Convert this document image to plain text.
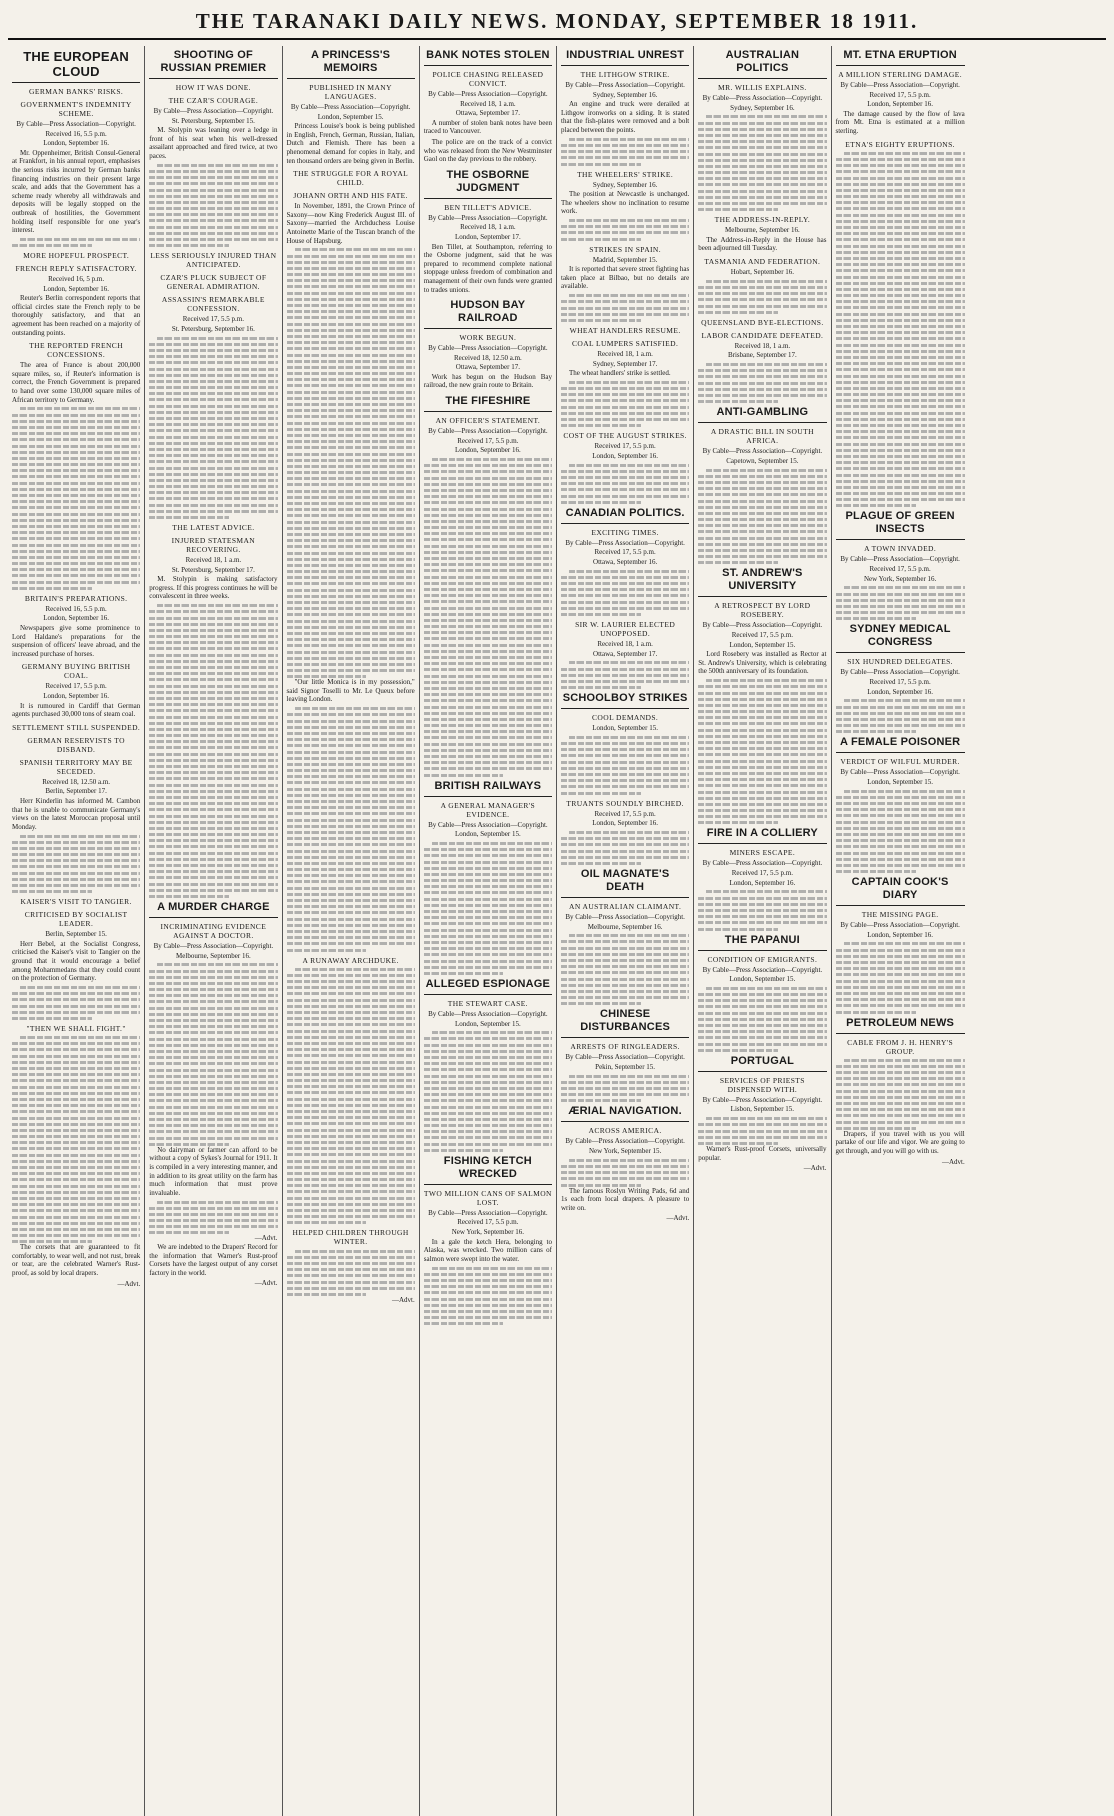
THE TARANAKI DAILY NEWS. MONDAY, SEPTEMBER 18 1911.
THE EUROPEAN CLOUD
GERMAN BANKS' RISKS.
GOVERNMENT'S INDEMNITY SCHEME.
By Cable—Press Association—Copyright.
Received 16, 5.5 p.m.
London, September 16.

Mr. Oppenheimer, British Consul-General at Frankfort, in his annual report, emphasises the serious risks incurred by German banks financing industries on their present large scale, and adds that the Government has a scheme ready whereby all withdrawals and deposits will be legally stopped on the outbreak of hostilities, the Government holding itself responsible for one year's interest.

MORE HOPEFUL PROSPECT.
FRENCH REPLY SATISFACTORY.
Received 16, 5 p.m.
London, September 16.

Reuter's Berlin correspondent reports that official circles state the French reply to be thoroughly satisfactory, and that an agreement has been reached on a majority of outstanding points.

THE REPORTED FRENCH CONCESSIONS.

The area of France is about 200,000 square miles, so, if Reuter's information is correct, the French Government is prepared to hand over some 130,000 square miles of African territory to Germany.

BRITAIN'S PREPARATIONS.
Received 16, 5.5 p.m.
London, September 16.

Newspapers give some prominence to Lord Haldane's preparations for the suspension of officers' leave abroad, and the increased purchase of horses.

GERMANY BUYING BRITISH COAL.
Received 17, 5.5 p.m.
London, September 16.

It is rumoured in Cardiff that German agents purchased 30,000 tons of steam coal.

SETTLEMENT STILL SUSPENDED.
GERMAN RESERVISTS TO DISBAND.
SPANISH TERRITORY MAY BE SECEDED.
Received 18, 12.50 a.m.
Berlin, September 17.

Herr Kinderlin has informed M. Cambon that he is unable to communicate Germany's views on the latest Moroccan proposal until Monday.

KAISER'S VISIT TO TANGIER.
CRITICISED BY SOCIALIST LEADER.
Berlin, September 15.

Herr Bebel, at the Socialist Congress, criticised the Kaiser's visit to Tangier on the ground that it would encourage a belief among Mohammedans that they could count on the protection of Germany.

"THEN WE SHALL FIGHT."

The corsets that are guaranteed to fit comfortably, to wear well, and not rust, break or tear, are the celebrated Warner's Rust-proof, as sold by local drapers.

—Advt.
SHOOTING OF RUSSIAN PREMIER
HOW IT WAS DONE.
THE CZAR'S COURAGE.
By Cable—Press Association—Copyright.
St. Petersburg, September 15.

M. Stolypin was leaning over a ledge in front of his seat when his well-dressed assailant approached and fired twice, at two paces.

LESS SERIOUSLY INJURED THAN ANTICIPATED.
CZAR'S PLUCK SUBJECT OF GENERAL ADMIRATION.
ASSASSIN'S REMARKABLE CONFESSION.
Received 17, 5.5 p.m.
St. Petersburg, September 16.
THE LATEST ADVICE.
INJURED STATESMAN RECOVERING.
Received 18, 1 a.m.
St. Petersburg, September 17.

M. Stolypin is making satisfactory progress. If this progress continues he will be convalescent in three weeks.

A MURDER CHARGE
INCRIMINATING EVIDENCE AGAINST A DOCTOR.
By Cable—Press Association—Copyright.
Melbourne, September 16.

No dairyman or farmer can afford to be without a copy of Sykes's Journal for 1911. It is compiled in a very interesting manner, and in addition to its great utility on the farm has much information that must prove invaluable.

—Advt.

We are indebted to the Drapers' Record for the information that Warner's Rust-proof Corsets have the largest output of any corset factory in the world.

—Advt.
A PRINCESS'S MEMOIRS
PUBLISHED IN MANY LANGUAGES.
By Cable—Press Association—Copyright.
London, September 15.

Princess Louise's book is being published in English, French, German, Russian, Italian, Dutch and Flemish. There has been a phenomenal demand for copies in Italy, and ten thousand orders are being given in Berlin.

THE STRUGGLE FOR A ROYAL CHILD.
JOHANN ORTH AND HIS FATE.

In November, 1891, the Crown Prince of Saxony—now King Frederick August III. of Saxony—married the Archduchess Louise Antoinette Marie of the Tuscan branch of the House of Hapsburg.

"Our little Monica is in my possession," said Signor Toselli to Mr. Le Queux before leaving London.

A RUNAWAY ARCHDUKE.
HELPED CHILDREN THROUGH WINTER.
—Advt.
BANK NOTES STOLEN
POLICE CHASING RELEASED CONVICT.
By Cable—Press Association—Copyright.
Received 18, 1 a.m.
Ottawa, September 17.

A number of stolen bank notes have been traced to Vancouver.

The police are on the track of a convict who was released from the New Westminster Gaol on the day previous to the robbery.

THE OSBORNE JUDGMENT
BEN TILLET'S ADVICE.
By Cable—Press Association—Copyright.
Received 18, 1 a.m.
London, September 17.

Ben Tillet, at Southampton, referring to the Osborne judgment, said that he was prepared to recommend complete national stoppage unless freedom of combination and management of their own funds were granted to trades unions.

HUDSON BAY RAILROAD
WORK BEGUN.
By Cable—Press Association—Copyright.
Received 18, 12.50 a.m.
Ottawa, September 17.

Work has begun on the Hudson Bay railroad, the new grain route to Britain.

THE FIFESHIRE
AN OFFICER'S STATEMENT.
By Cable—Press Association—Copyright.
Received 17, 5.5 p.m.
London, September 16.
BRITISH RAILWAYS
A GENERAL MANAGER'S EVIDENCE.
By Cable—Press Association—Copyright.
London, September 15.
ALLEGED ESPIONAGE
THE STEWART CASE.
By Cable—Press Association—Copyright.
London, September 15.
FISHING KETCH WRECKED
TWO MILLION CANS OF SALMON LOST.
By Cable—Press Association—Copyright.
Received 17, 5.5 p.m.
New York, September 16.

In a gale the ketch Hera, belonging to Alaska, was wrecked. Two million cans of salmon were swept into the water.

INDUSTRIAL UNREST
THE LITHGOW STRIKE.
By Cable—Press Association—Copyright.
Sydney, September 16.

An engine and truck were derailed at Lithgow ironworks on a siding. It is stated that the fish-plates were removed and a bolt placed between the points.

THE WHEELERS' STRIKE.
Sydney, September 16.

The position at Newcastle is unchanged. The wheelers show no inclination to resume work.

STRIKES IN SPAIN.
Madrid, September 15.

It is reported that severe street fighting has taken place at Bilbao, but no details are available.

WHEAT HANDLERS RESUME.
COAL LUMPERS SATISFIED.
Received 18, 1 a.m.
Sydney, September 17.

The wheat handlers' strike is settled.

COST OF THE AUGUST STRIKES.
Received 17, 5.5 p.m.
London, September 16.
CANADIAN POLITICS.
EXCITING TIMES.
By Cable—Press Association—Copyright.
Received 17, 5.5 p.m.
Ottawa, September 16.
SIR W. LAURIER ELECTED UNOPPOSED.
Received 18, 1 a.m.
Ottawa, September 17.
SCHOOLBOY STRIKES
COOL DEMANDS.
London, September 15.
TRUANTS SOUNDLY BIRCHED.
Received 17, 5.5 p.m.
London, September 16.
OIL MAGNATE'S DEATH
AN AUSTRALIAN CLAIMANT.
By Cable—Press Association—Copyright.
Melbourne, September 16.
CHINESE DISTURBANCES
ARRESTS OF RINGLEADERS.
By Cable—Press Association—Copyright.
Pekin, September 15.
ÆRIAL NAVIGATION.
ACROSS AMERICA.
By Cable—Press Association—Copyright.
New York, September 15.

The famous Roslyn Writing Pads, 6d and 1s each from local drapers. A pleasure to write on.

—Advt.
AUSTRALIAN POLITICS
MR. WILLIS EXPLAINS.
By Cable—Press Association—Copyright.
Sydney, September 16.
THE ADDRESS-IN-REPLY.
Melbourne, September 16.

The Address-in-Reply in the House has been adjourned till Tuesday.

TASMANIA AND FEDERATION.
Hobart, September 16.
QUEENSLAND BYE-ELECTIONS.
LABOR CANDIDATE DEFEATED.
Received 18, 1 a.m.
Brisbane, September 17.
ANTI-GAMBLING
A DRASTIC BILL IN SOUTH AFRICA.
By Cable—Press Association—Copyright.
Capetown, September 15.
ST. ANDREW'S UNIVERSITY
A RETROSPECT BY LORD ROSEBERY.
By Cable—Press Association—Copyright.
Received 17, 5.5 p.m.
London, September 15.

Lord Rosebery was installed as Rector at St. Andrew's University, which is celebrating the 500th anniversary of its foundation.

FIRE IN A COLLIERY
MINERS ESCAPE.
By Cable—Press Association—Copyright.
Received 17, 5.5 p.m.
London, September 16.
THE PAPANUI
CONDITION OF EMIGRANTS.
By Cable—Press Association—Copyright.
London, September 15.
PORTUGAL
SERVICES OF PRIESTS DISPENSED WITH.
By Cable—Press Association—Copyright.
Lisbon, September 15.

Warner's Rust-proof Corsets, universally popular.

—Advt.
MT. ETNA ERUPTION
A MILLION STERLING DAMAGE.
By Cable—Press Association—Copyright.
Received 17, 5.5 p.m.
London, September 16.

The damage caused by the flow of lava from Mt. Etna is estimated at a million sterling.

ETNA'S EIGHTY ERUPTIONS.
PLAGUE OF GREEN INSECTS
A TOWN INVADED.
By Cable—Press Association—Copyright.
Received 17, 5.5 p.m.
New York, September 16.
SYDNEY MEDICAL CONGRESS
SIX HUNDRED DELEGATES.
By Cable—Press Association—Copyright.
Received 17, 5.5 p.m.
London, September 16.
A FEMALE POISONER
VERDICT OF WILFUL MURDER.
By Cable—Press Association—Copyright.
London, September 15.
CAPTAIN COOK'S DIARY
THE MISSING PAGE.
By Cable—Press Association—Copyright.
London, September 16.
PETROLEUM NEWS
CABLE FROM J. H. HENRY'S GROUP.

Drapers, if you travel with us you will partake of our life and vigor. We are going to get through, and you will go with us.

—Advt.
